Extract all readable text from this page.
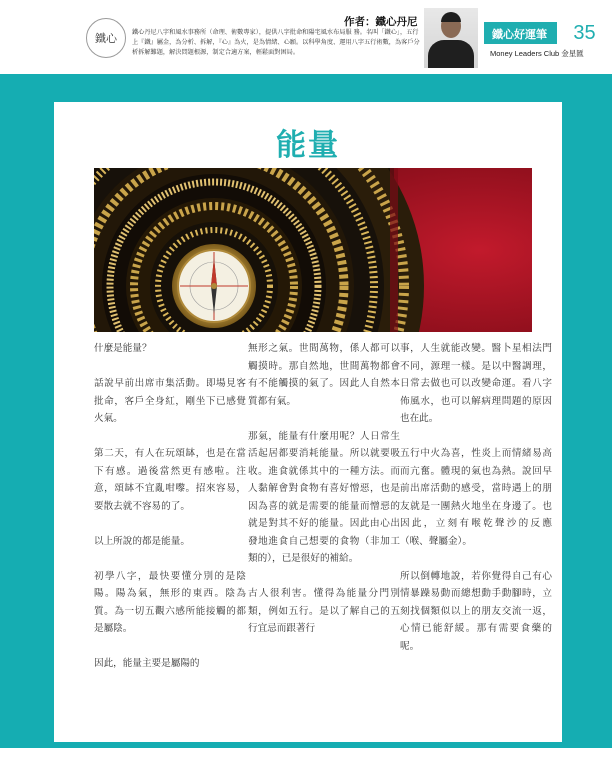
鐵心
作者：鐵心丹尼
鐵心丹尼八字和風水事務所（命理、術數專家），提供八字批命和陽宅風水布局服 務。名叫「鐵心」，五行上『鐵』屬金，為分析、拆解，『心』為火，是為情緒、心願。以科學角度、運用八字五行術數，為客戶分析拆解難題，解決問題根源，制定合適方案，輕鬆面對困局。
鐵心好運筆	35
Money Leaders Club 金星匯
能量

什麼是能量？

話說早前出席市集活動。即場見客批命，客戶全身紅，剛坐下已感覺火氣。

第二天，有人在玩頌缽，也是在當下有感。過後當然更有感啦。注意，頌缽不宜亂咁嚟。招來容易，要散去就不容易的了。

以上所說的都是能量。

初學八字，最快要懂分別的是陰陽。陽為氣，無形的東西。陰為質。為一切五觀六感所能接觸的都是屬陰。

因此，能量主要是屬陽的

無形之氣。世間萬物，係人都可以觸摸時。那自然地，世間萬物都會有不能觸摸的氣了。因此人自然本質都有氣。

那氣，能量有什麼用呢？人日常生活起居都要消耗能量。所以就要吸收。進食就係其中的一種方法。而人黏解會對食物有喜好憎惡，也是因為喜的就是需要的能量而憎惡的就是對其不好的能量。因此由心出發地進食自己想要的食物（非加工類的），已是很好的補給。

古人很利害。懂得為能量分門別類，例如五行。是以了解自己的五行宜忌而跟著行

事，人生就能改變。醫卜星相法門不同，源理一樣。是以中醫調理，日常去做也可以改變命運。看八字佈風水，也可以解病理問題的原因也在此。

五行中火為喜，性炎上而情緒易高而亢奮。體現的氣也為熱。說回早前出席活動的感受，當時遇上的朋友就是一團熱火地坐在身邊了。也因此，立刻有喉乾聲沙的反應（喉、聲屬金）。

所以倒轉地說，若你覺得自己有心情暴躁易動而總想動手動腳時，立刻找個類似以上的朋友交流一返，心情已能舒緩。那有需要食藥的呢。
